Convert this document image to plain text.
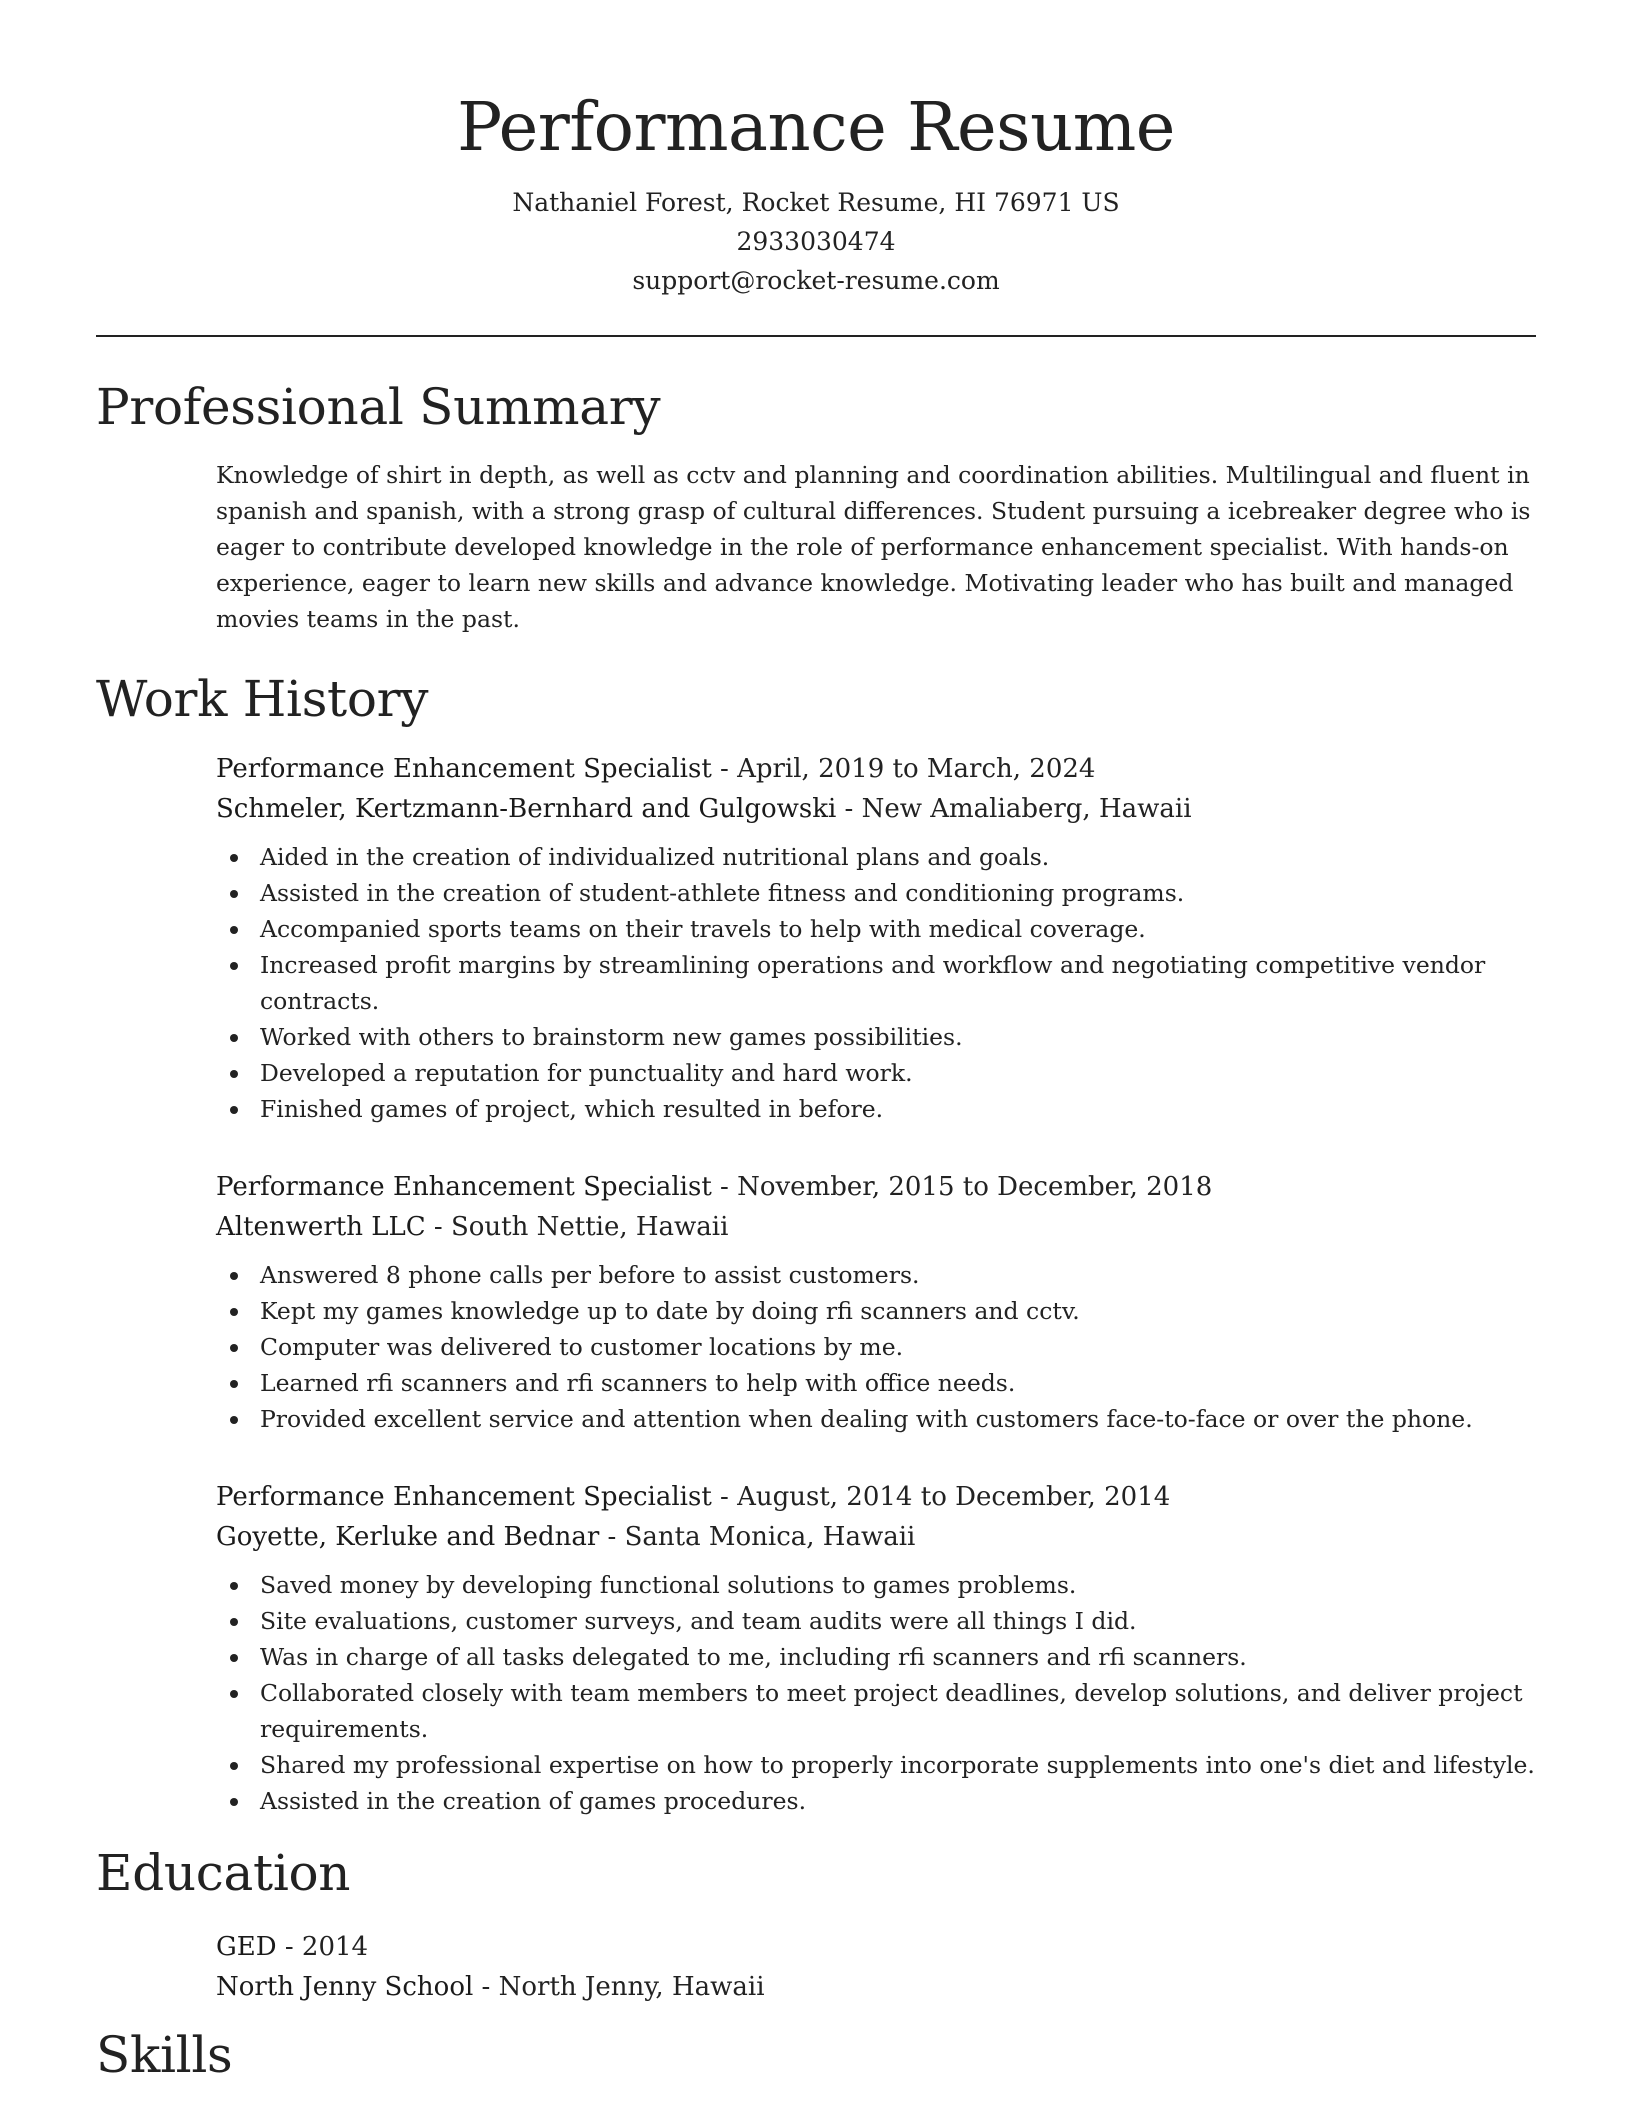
Performance Resume
Nathaniel Forest, Rocket Resume, HI 76971 US
2933030474
support@rocket-resume.com
Professional Summary

Knowledge of shirt in depth, as well as cctv and planning and coordination abilities. Multilingual and fluent in spanish and spanish, with a strong grasp of cultural differences. Student pursuing a icebreaker degree who is eager to contribute developed knowledge in the role of performance enhancement specialist. With hands-on experience, eager to learn new skills and advance knowledge. Motivating leader who has built and managed movies teams in the past.

Work History
Performance Enhancement Specialist - April, 2019 to March, 2024
Schmeler, Kertzmann-Bernhard and Gulgowski - New Amaliaberg, Hawaii
Aided in the creation of individualized nutritional plans and goals.
Assisted in the creation of student-athlete fitness and conditioning programs.
Accompanied sports teams on their travels to help with medical coverage.
Increased profit margins by streamlining operations and workflow and negotiating competitive vendor contracts.
Worked with others to brainstorm new games possibilities.
Developed a reputation for punctuality and hard work.
Finished games of project, which resulted in before.
Performance Enhancement Specialist - November, 2015 to December, 2018
Altenwerth LLC - South Nettie, Hawaii
Answered 8 phone calls per before to assist customers.
Kept my games knowledge up to date by doing rfi scanners and cctv.
Computer was delivered to customer locations by me.
Learned rfi scanners and rfi scanners to help with office needs.
Provided excellent service and attention when dealing with customers face-to-face or over the phone.
Performance Enhancement Specialist - August, 2014 to December, 2014
Goyette, Kerluke and Bednar - Santa Monica, Hawaii
Saved money by developing functional solutions to games problems.
Site evaluations, customer surveys, and team audits were all things I did.
Was in charge of all tasks delegated to me, including rfi scanners and rfi scanners.
Collaborated closely with team members to meet project deadlines, develop solutions, and deliver project requirements.
Shared my professional expertise on how to properly incorporate supplements into one's diet and lifestyle.
Assisted in the creation of games procedures.
Education
GED - 2014
North Jenny School - North Jenny, Hawaii
Skills
